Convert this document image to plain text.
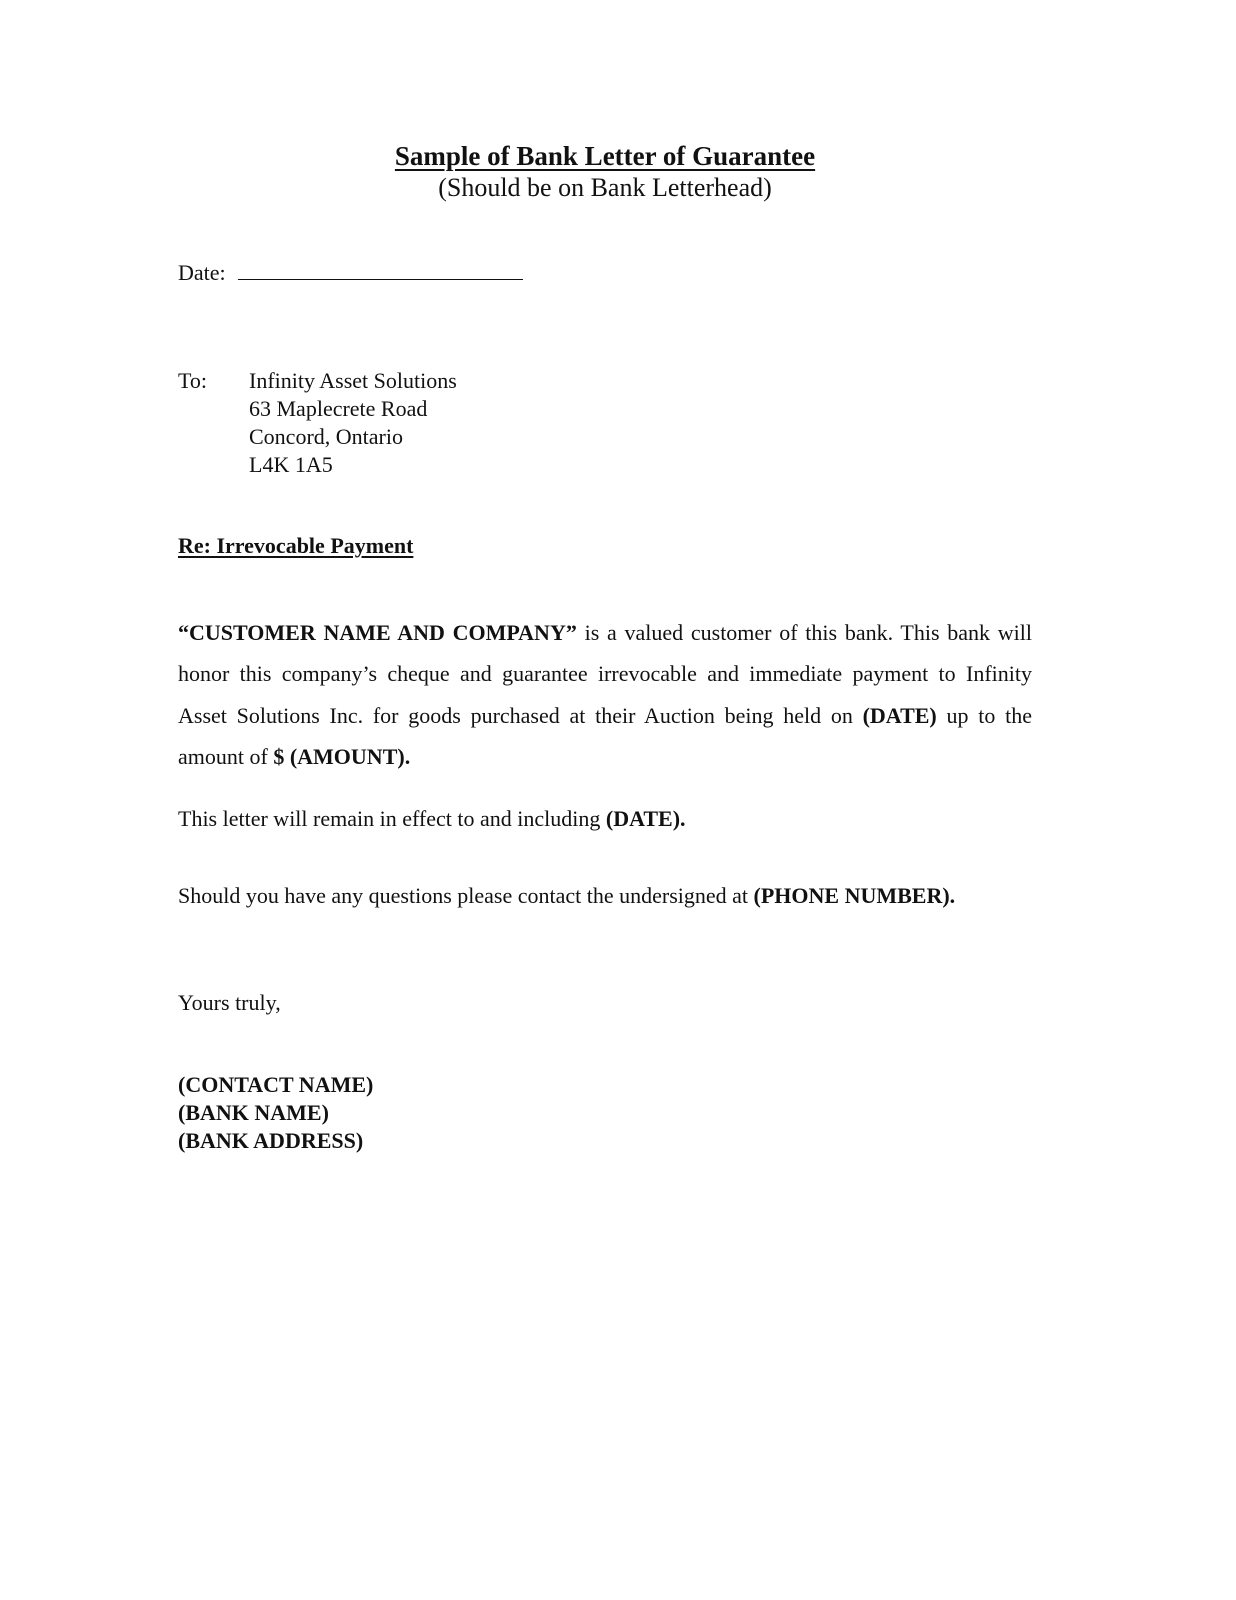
Sample of Bank Letter of Guarantee
(Should be on Bank Letterhead)
Date:
To: Infinity Asset Solutions
63 Maplecrete Road
Concord, Ontario
L4K 1A5
Re: Irrevocable Payment
“CUSTOMER NAME AND COMPANY” is a valued customer of this bank. This bank will honor this company’s cheque and guarantee irrevocable and immediate payment to Infinity Asset Solutions Inc. for goods purchased at their Auction being held on (DATE) up to the amount of $ (AMOUNT).
This letter will remain in effect to and including (DATE).
Should you have any questions please contact the undersigned at (PHONE NUMBER).
Yours truly,
(CONTACT NAME)
(BANK NAME)
(BANK ADDRESS)
